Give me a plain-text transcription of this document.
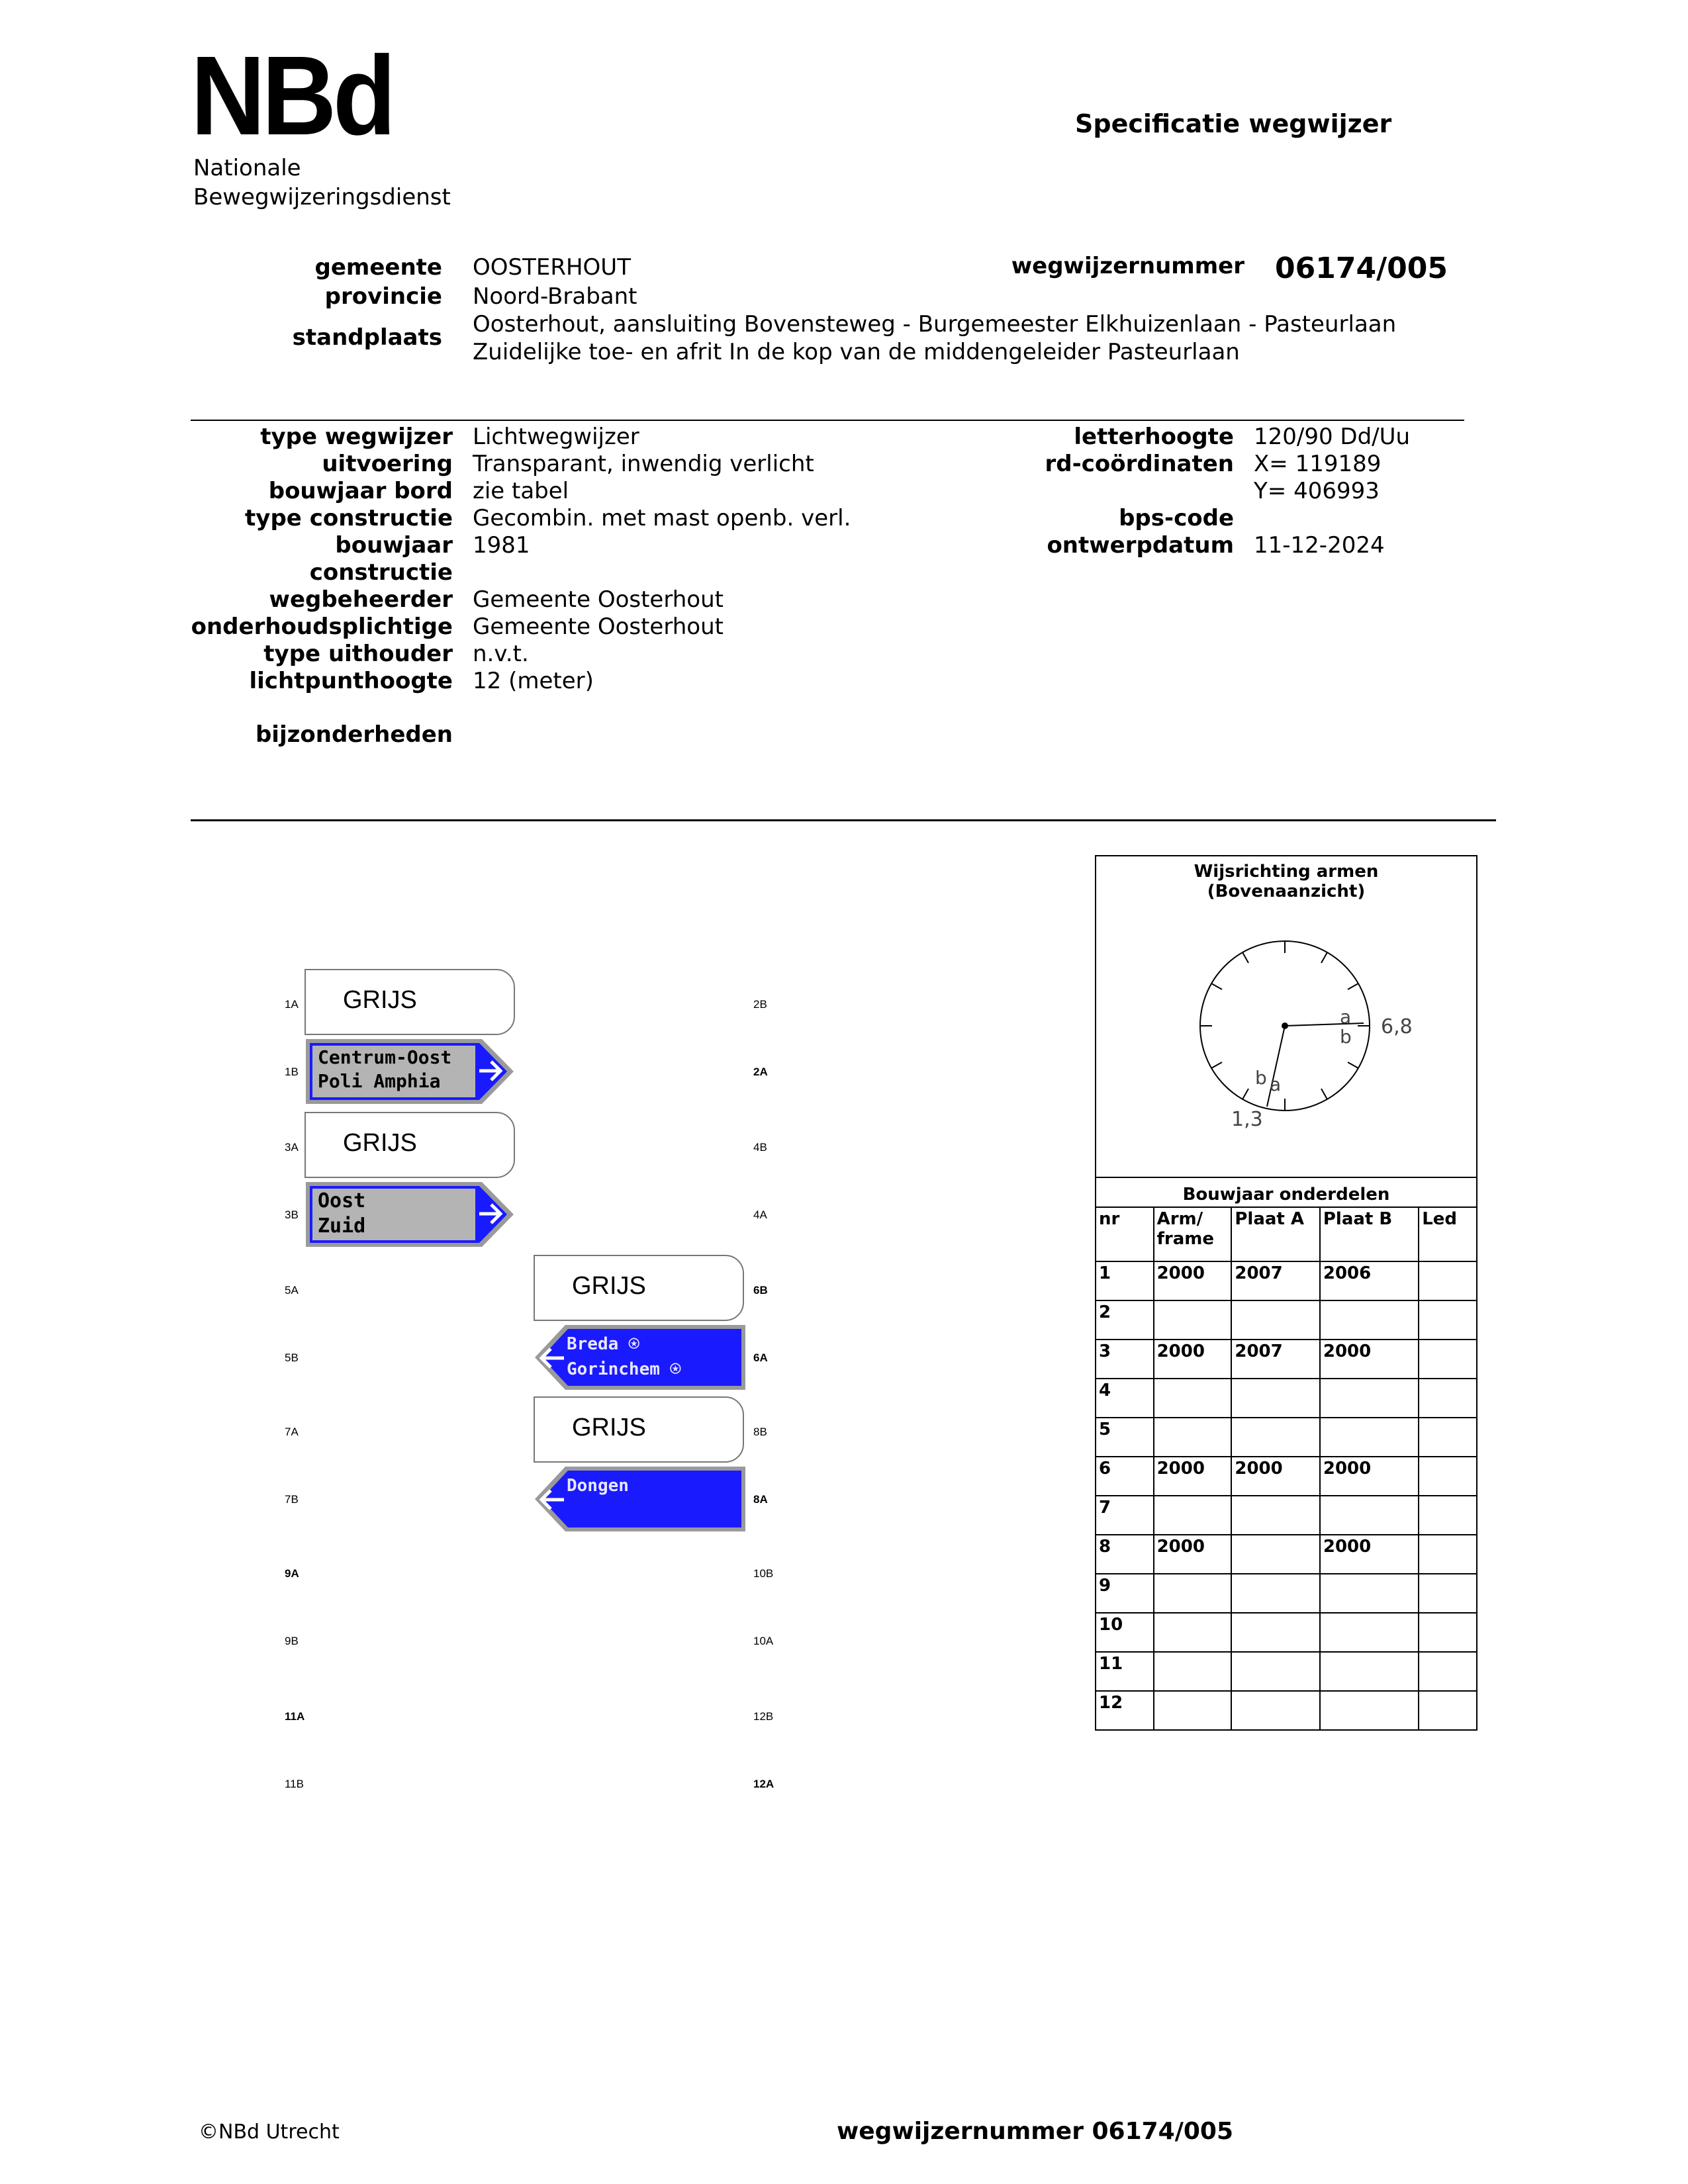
NBd
Nationale
Bewegwijzeringsdienst
Specificatie wegwijzer
gemeente OOSTERHOUT
provincie Noord-Brabant
standplaats Oosterhout, aansluiting Bovensteweg - Burgemeester Elkhuizenlaan - Pasteurlaan
Zuidelijke toe- en afrit In de kop van de middengeleider Pasteurlaan
wegwijzernummer 06174/005
type wegwijzer Lichtwegwijzer
uitvoering Transparant, inwendig verlicht
bouwjaar bord zie tabel
type constructie Gecombin. met mast openb. verl.
bouwjaar 1981
constructie
wegbeheerder Gemeente Oosterhout
onderhoudsplichtige Gemeente Oosterhout
type uithouder n.v.t.
lichtpunthoogte 12 (meter)
bijzonderheden
letterhoogte 120/90 Dd/Uu
rd-coördinaten X= 119189
Y= 406993
bps-code
ontwerpdatum 11-12-2024
1A
1B
3A
3B
5A
5B
7A
7B
9A
9B
11A
11B
2B
2A
4B
4A
6B
6A
8B
8A
10B
10A
12B
12A
GRIJS
Centrum-Oost
Poli Amphia
GRIJS
Oost
Zuid
GRIJS
Breda ⍟
Gorinchem ⍟
GRIJS
Dongen
Wijsrichting armen
(Bovenaanzicht)
a
b 6,8
b a
1,3
Bouwjaar onderdelen

nr	Arm/ frame	Plaat A	Plaat B	Led
1	2000	2007	2006	
2				
3	2000	2007	2000	
4				
5				
6	2000	2000	2000	
7				
8	2000		2000	
9				
10				
11				
12				
©NBd Utrecht	wegwijzernummer 06174/005
